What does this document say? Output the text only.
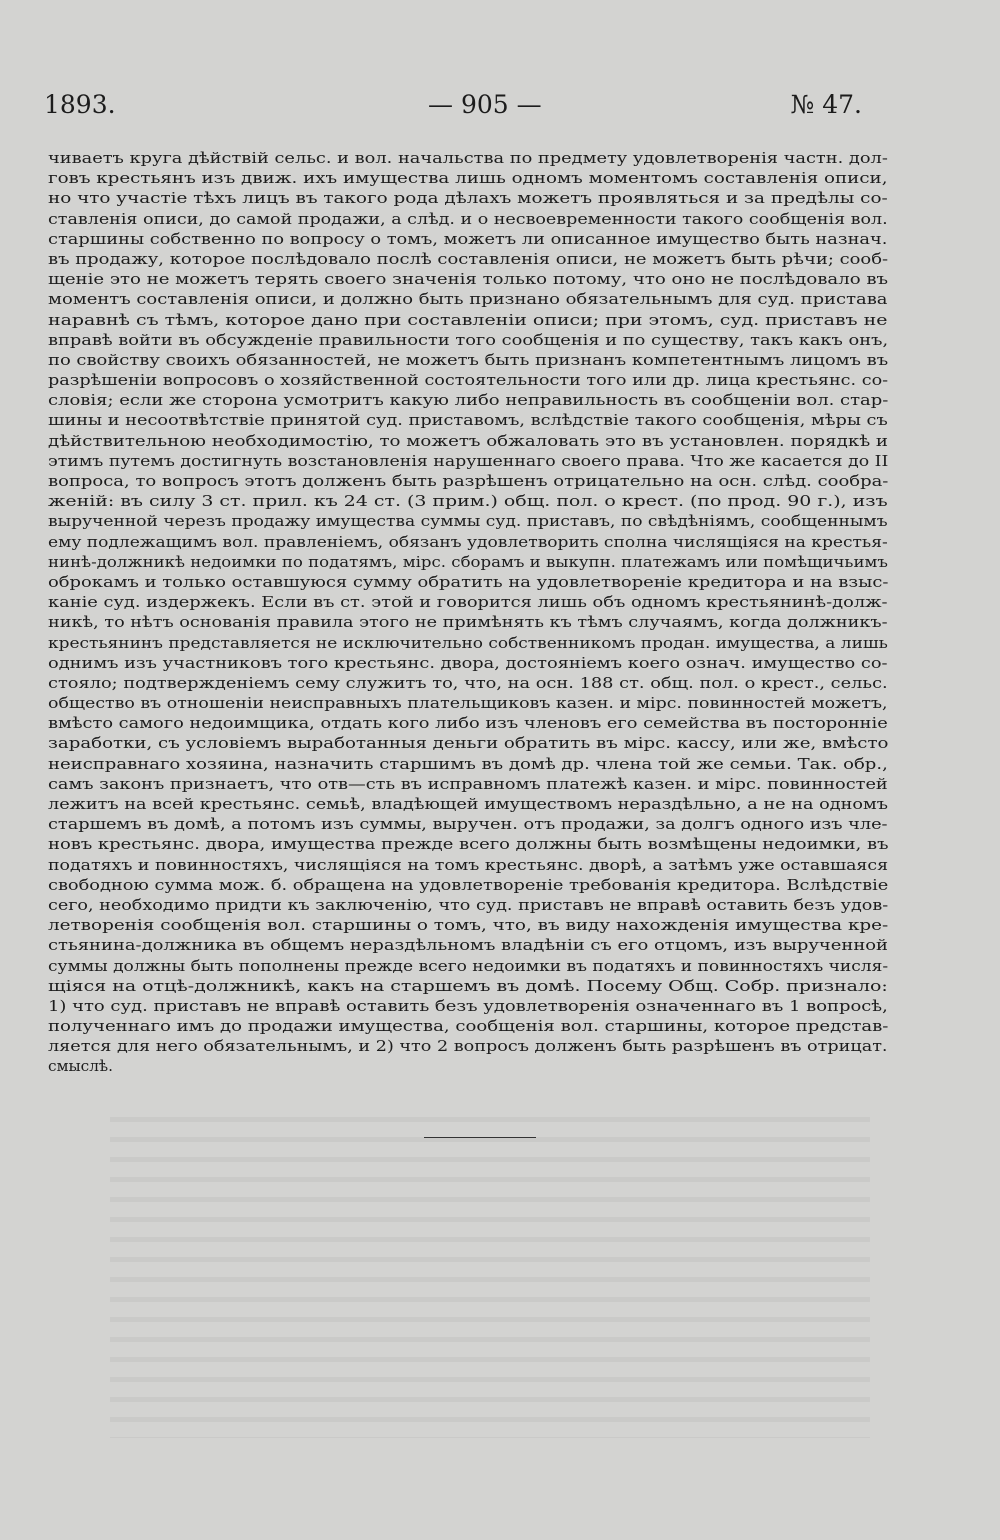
1893.	— 905 —	№ 47.
чиваетъ круга дѣйствій сельс. и вол. начальства по предмету удовлетворенія частн. дол-
говъ крестьянъ изъ движ. ихъ имущества лишь одномъ моментомъ составленія описи,
но что участіе тѣхъ лицъ въ такого рода дѣлахъ можетъ проявляться и за предѣлы со-
ставленія описи, до самой продажи, а слѣд. и о несвоевременности такого сообщенія вол.
старшины собственно по вопросу о томъ, можетъ ли описанное имущество быть назнач.
въ продажу, которое послѣдовало послѣ составленія описи, не можетъ быть рѣчи; сооб-
щеніе это не можетъ терять своего значенія только потому, что оно не послѣдовало въ
моментъ составленія описи, и должно быть признано обязательнымъ для суд. пристава
наравнѣ съ тѣмъ, которое дано при составленіи описи; при этомъ, суд. приставъ не
вправѣ войти въ обсужденіе правильности того сообщенія и по существу, такъ какъ онъ,
по свойству своихъ обязанностей, не можетъ быть признанъ компетентнымъ лицомъ въ
разрѣшеніи вопросовъ о хозяйственной состоятельности того или др. лица крестьянс. со-
словія; если же сторона усмотритъ какую либо неправильность въ сообщеніи вол. стар-
шины и несоотвѣтствіе принятой суд. приставомъ, вслѣдствіе такого сообщенія, мѣры съ
дѣйствительною необходимостію, то можетъ обжаловать это въ установлен. порядкѣ и
этимъ путемъ достигнуть возстановленія нарушеннаго своего права. Что же касается до II
вопроса, то вопросъ этотъ долженъ быть разрѣшенъ отрицательно на осн. слѣд. сообра-
женій: въ силу 3 ст. прил. къ 24 ст. (3 прим.) общ. пол. о крест. (по прод. 90 г.), изъ
вырученной черезъ продажу имущества суммы суд. приставъ, по свѣдѣніямъ, сообщеннымъ
ему подлежащимъ вол. правленіемъ, обязанъ удовлетворить сполна числящіяся на крестья-
нинѣ-должникѣ недоимки по податямъ, мірс. сборамъ и выкупн. платежамъ или помѣщичьимъ
оброкамъ и только оставшуюся сумму обратить на удовлетвореніе кредитора и на взыс-
каніе суд. издержекъ. Если въ ст. этой и говорится лишь объ одномъ крестьянинѣ-долж-
никѣ, то нѣтъ основанія правила этого не примѣнять къ тѣмъ случаямъ, когда должникъ-
крестьянинъ представляется не исключительно собственникомъ продан. имущества, а лишь
однимъ изъ участниковъ того крестьянс. двора, достояніемъ коего означ. имущество со-
стояло; подтвержденіемъ сему служитъ то, что, на осн. 188 ст. общ. пол. о крест., сельс.
общество въ отношеніи неисправныхъ плательщиковъ казен. и мірс. повинностей можетъ,
вмѣсто самого недоимщика, отдать кого либо изъ членовъ его семейства въ посторонніе
заработки, съ условіемъ выработанныя деньги обратить въ мірс. кассу, или же, вмѣсто
неисправнаго хозяина, назначить старшимъ въ домѣ др. члена той же семьи. Так. обр.,
самъ законъ признаетъ, что отв—сть въ исправномъ платежѣ казен. и мірс. повинностей
лежитъ на всей крестьянс. семьѣ, владѣющей имуществомъ нераздѣльно, а не на одномъ
старшемъ въ домѣ, а потомъ изъ суммы, выручен. отъ продажи, за долгъ одного изъ чле-
новъ крестьянс. двора, имущества прежде всего должны быть возмѣщены недоимки, въ
податяхъ и повинностяхъ, числящіяся на томъ крестьянс. дворѣ, а затѣмъ уже оставшаяся
свободною сумма мож. б. обращена на удовлетвореніе требованія кредитора. Вслѣдствіе
сего, необходимо придти къ заключенію, что суд. приставъ не вправѣ оставить безъ удов-
летворенія сообщенія вол. старшины о томъ, что, въ виду нахожденія имущества кре-
стьянина-должника въ общемъ нераздѣльномъ владѣніи съ его отцомъ, изъ вырученной
суммы должны быть пополнены прежде всего недоимки въ податяхъ и повинностяхъ числя-
щіяся на отцѣ-должникѣ, какъ на старшемъ въ домѣ. Посему Общ. Собр. признало:
1) что суд. приставъ не вправѣ оставить безъ удовлетворенія означеннаго въ 1 вопросѣ,
полученнаго имъ до продажи имущества, сообщенія вол. старшины, которое представ-
ляется для него обязательнымъ, и 2) что 2 вопросъ долженъ быть разрѣшенъ въ отрицат.
смыслѣ.
